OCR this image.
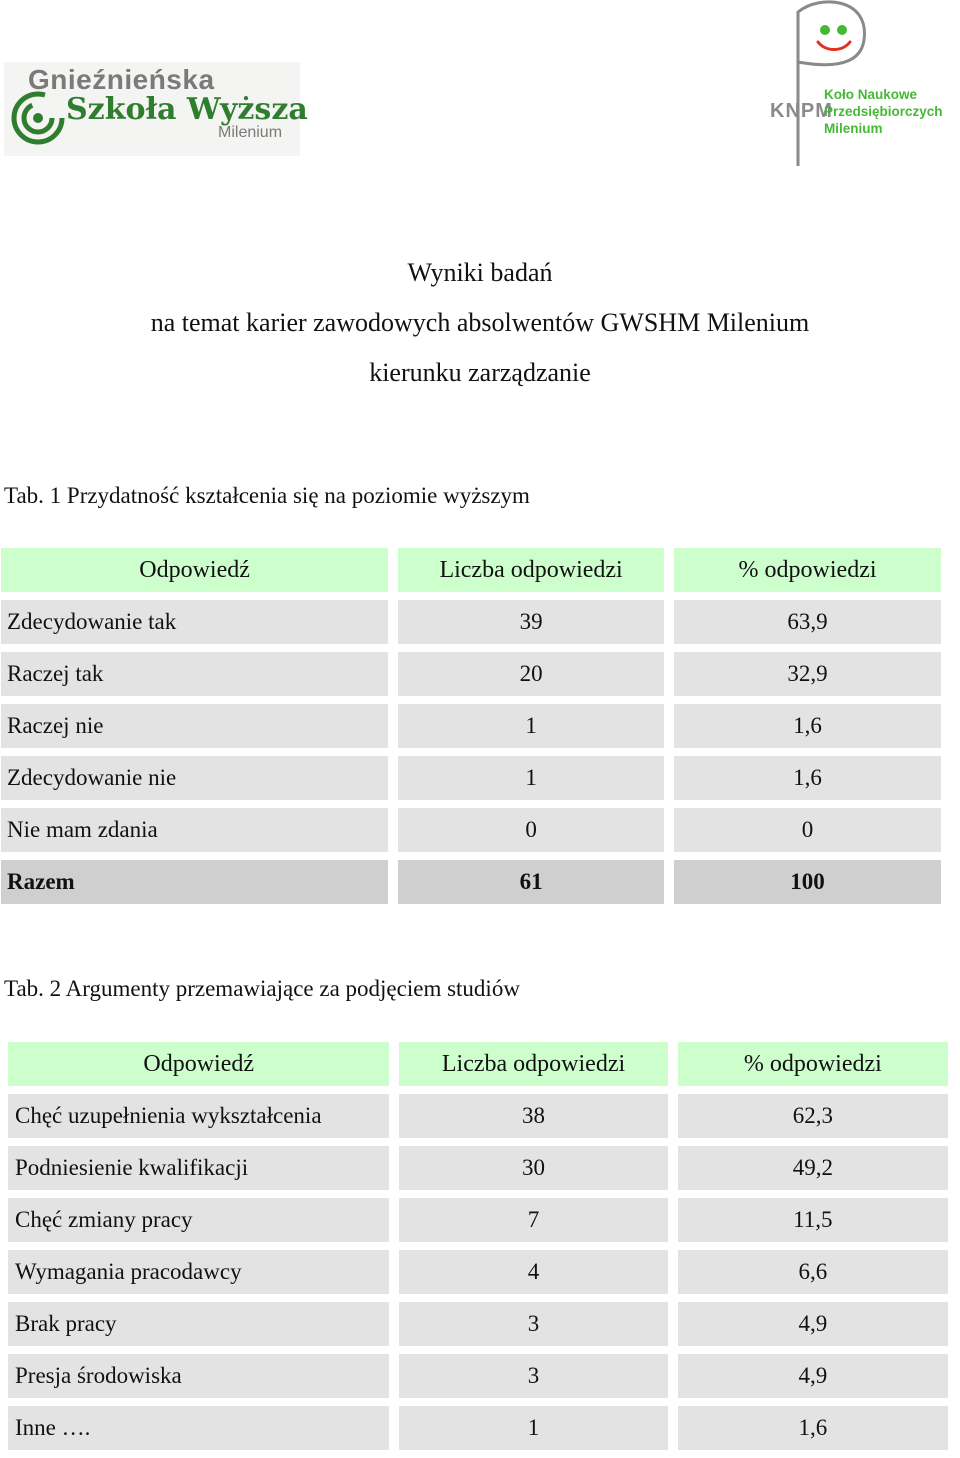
Gnieźnieńska
Szkoła Wyższa
Milenium
KNPM
Koło Naukowe
Przedsiębiorczych
Milenium
Wyniki badań
na temat karier zawodowych absolwentów GWSHM Milenium
kierunku zarządzanie
Tab. 1 Przydatność kształcenia się na poziomie wyższym
Odpowiedź	Liczba odpowiedzi	% odpowiedzi
Zdecydowanie tak	39	63,9
Raczej tak	20	32,9
Raczej nie	1	1,6
Zdecydowanie nie	1	1,6
Nie mam zdania	0	0
Razem	61	100
Tab. 2 Argumenty przemawiające za podjęciem studiów
Odpowiedź	Liczba odpowiedzi	% odpowiedzi
Chęć uzupełnienia wykształcenia	38	62,3
Podniesienie kwalifikacji	30	49,2
Chęć zmiany pracy	7	11,5
Wymagania pracodawcy	4	6,6
Brak pracy	3	4,9
Presja środowiska	3	4,9
Inne ….	1	1,6
